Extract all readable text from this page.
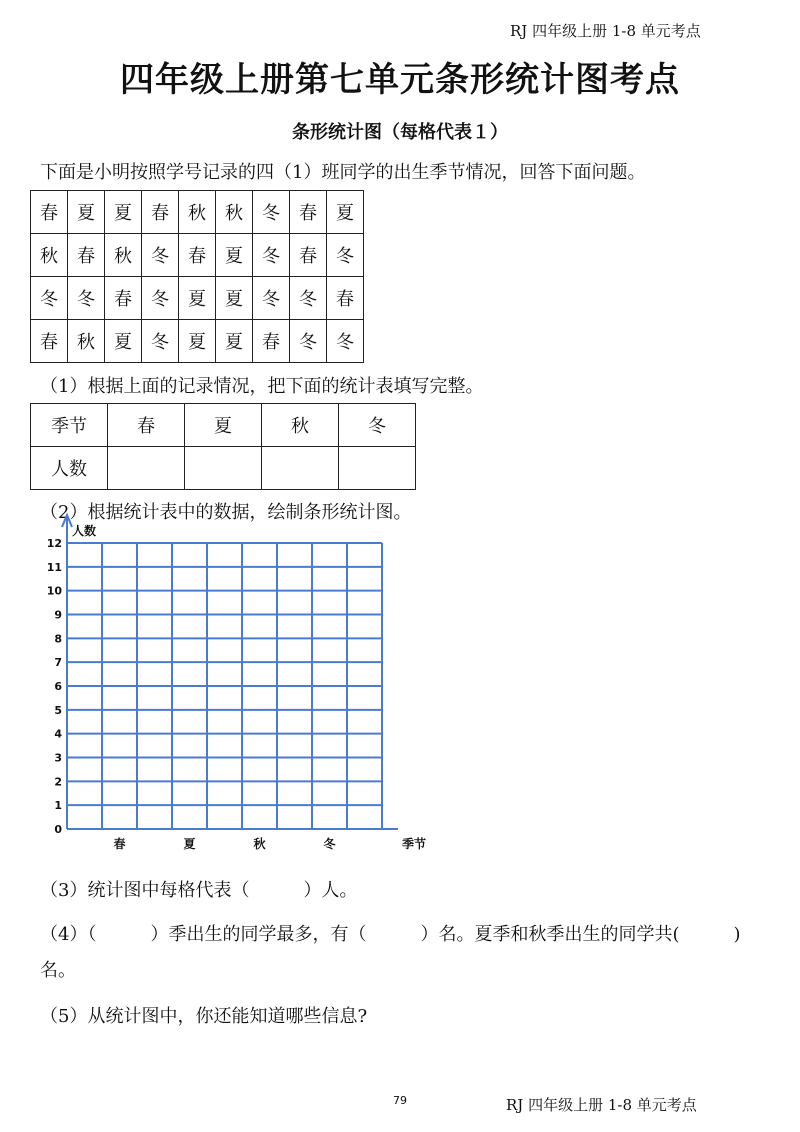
RJ 四年级上册 1-8 单元考点
四年级上册第七单元条形统计图考点
条形统计图（每格代表１）
下面是小明按照学号记录的四（1）班同学的出生季节情况，回答下面问题。
春	夏	夏	春	秋	秋	冬	春	夏
秋	春	秋	冬	春	夏	冬	春	冬
冬	冬	春	冬	夏	夏	冬	冬	春
春	秋	夏	冬	夏	夏	春	冬	冬
（1）根据上面的记录情况，把下面的统计表填写完整。
季节	春	夏	秋	冬
人数				
（2）根据统计表中的数据，绘制条形统计图。
人数
0
1
2
3
4
5
6
7
8
9
10
11
12
春	夏	秋	冬	季节
（3）统计图中每格代表（　　　）人。
（4）（　　　）季出生的同学最多，有（　　　）名。夏季和秋季出生的同学共(　　　)
名。
（5）从统计图中，你还能知道哪些信息?
79	RJ 四年级上册 1-8 单元考点
